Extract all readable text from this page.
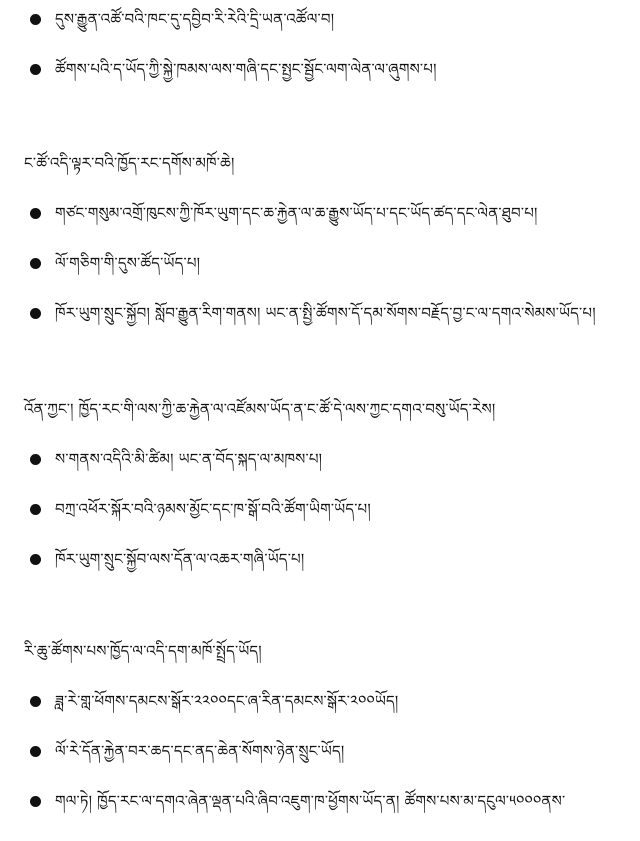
དུས་རྒྱུན་འཚོ་བའི་ཁང་དུ་དབྱིབ་རི་རེའི་དྲི་ཡན་འཚོལ་བ།
ཚོགས་པའི་ད་ཡོད་ཀྱི་སྐྱེ་ཁམས་ལས་གཞི་དང་སྤྱང་སྦྱོང་ལག་ལེན་ལ་ཞུགས་པ།
ང་ཚོ་འདི་ལྟར་བའི་ཁྱོད་རང་དགོས་མཁོ་ཆེ།
གཙང་གསུམ་འགྲོ་ཁུངས་ཀྱི་ཁོར་ཡུག་དང་ཆ་རྐྱེན་ལ་ཆ་རྒྱུས་ཡོད་པ་དང་ཡོད་ཚད་དང་ལེན་ཐུབ་པ།
ལོ་གཅིག་གི་དུས་ཚོད་ཡོད་པ།
ཁོར་ཡུག་སྲུང་སྐྱོབ། སློབ་རྒྱུན་རིག་གནས། ཡང་ན་སྤྱི་ཚོགས་དོ་དམ་སོགས་བརྗོད་བྱ་ང་ལ་དགའ་སེམས་ཡོད་པ།
འོན་ཀྱང་། ཁྱོད་རང་གི་ལས་ཀྱི་ཆ་རྐྱེན་ལ་འཛོམས་ཡོད་ན་ང་ཚོ་དེ་ལས་ཀྱང་དགའ་བསུ་ཡོད་རེས།
ས་གནས་འདིའི་མི་ཚིམ། ཡང་ན་བོད་སྐད་ལ་མཁས་པ།
བཀྲ་འཕོར་སྐོར་བའི་ཉམས་མྱོང་དང་ཁ་སྒོ་བའི་ཚོག་ཡིག་ཡོད་པ།
ཁོར་ཡུག་སྲུང་སྐྱོབ་ལས་དོན་ལ་འཆར་གཞི་ཡོད་པ།
རི་ཆུ་ཚོགས་པས་ཁྱོད་ལ་འདི་དག་མཁོ་སྤྲོད་ཡོད།
ཟླ་རེ་གླ་ཕོགས་དམངས་སྒོར་༢༢༠༠དང་ཞ་རིན་དམངས་སྒོར་༢༠༠ཡོད།
ལོ་རེ་དོན་རྐྱེན་བར་ཆད་དང་ནད་ཆེན་སོགས་ཉེན་སྲུང་ཡོད།
གལ་ཏེ། ཁྱོད་རང་ལ་དགའ་ཞེན་ལྡན་པའི་ཞིབ་འཇུག་ཁ་ཕྱོགས་ཡོད་ན། ཚོགས་པས་མ་དངུལ་༥༠༠༠ནས་
